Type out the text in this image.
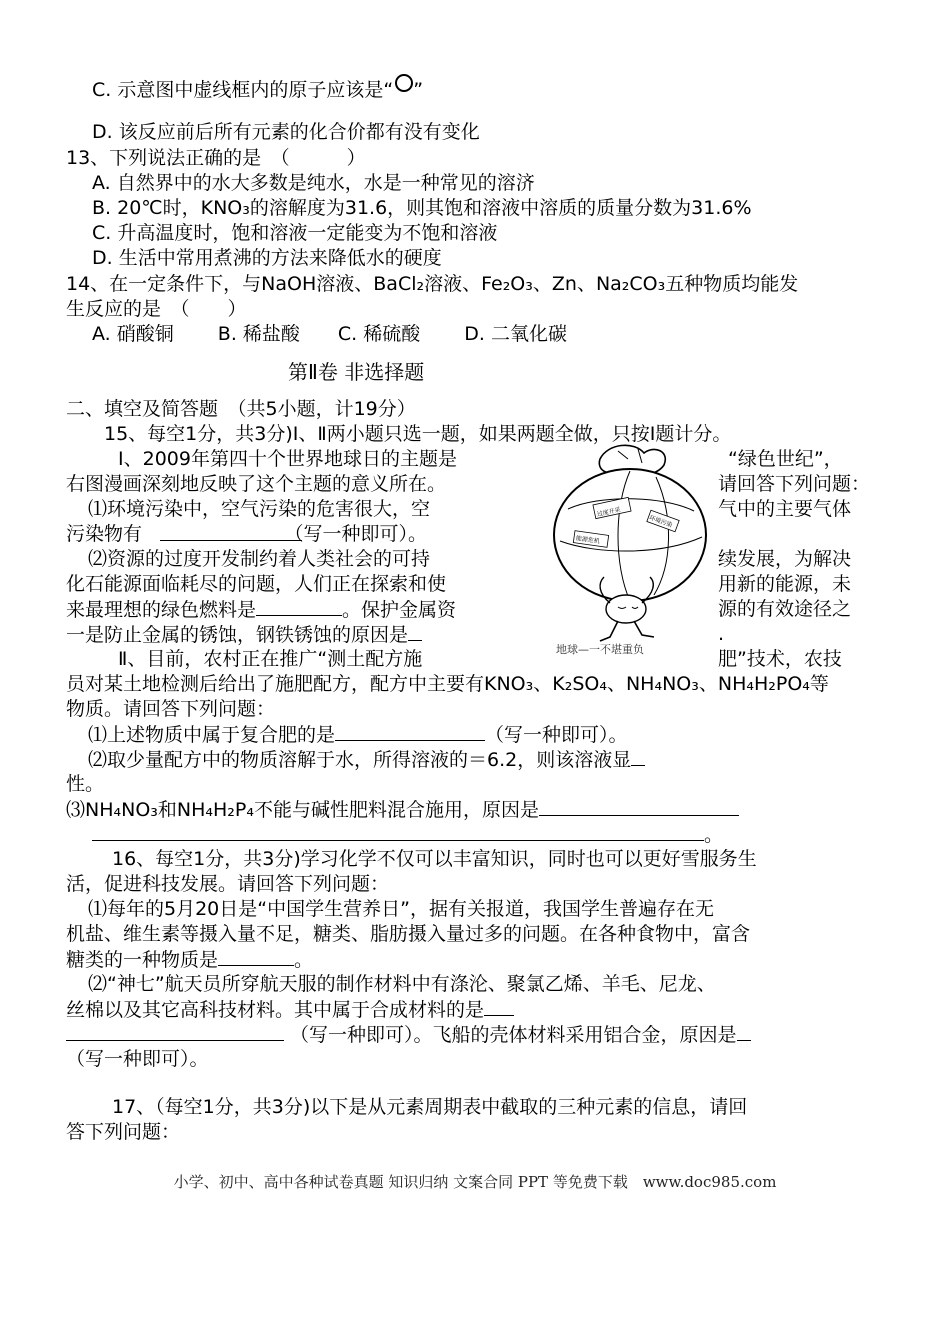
C. 示意图中虚线框内的原子应该是“ ”
D. 该反应前后所有元素的化合价都有没有变化
13、下列说法正确的是　（　　　）
A. 自然界中的水大多数是纯水，水是一种常见的溶济
B. 20℃时，KNO₃的溶解度为31.6，则其饱和溶液中溶质的质量分数为31.6%
C. 升高温度时，饱和溶液一定能变为不饱和溶液
D. 生活中常用煮沸的方法来降低水的硬度
14、在一定条件下，与NaOH溶液、BaCl₂溶液、Fe₂O₃、Zn、Na₂CO₃五种物质均能发
生反应的是　（　　）
A. 硝酸铜　　 B. 稀盐酸　　C. 稀硫酸　　 D. 二氧化碳
第Ⅱ卷 非选择题
二、填空及简答题　（共5小题，计19分）
15、每空1分，共3分)Ⅰ、Ⅱ两小题只选一题，如果两题全做，只按Ⅰ题计分。
Ⅰ、2009年第四十个世界地球日的主题是	“绿色世纪”，
右图漫画深刻地反映了这个主题的意义所在。	请回答下列问题：
⑴环境污染中，空气污染的危害很大，空	气中的主要气体
污染物有　　　　　　　　（写一种即可）。
⑵资源的过度开发制约着人类社会的可持	续发展，为解决
化石能源面临耗尽的问题，人们正在探索和使	用新的能源，未
来最理想的绿色燃料是	。保护金属资	源的有效途径之
一是防止金属的锈蚀，钢铁锈蚀的原因是	.
Ⅱ、目前，农村正在推广“测土配方施	肥”技术，农技
员对某土地检测后给出了施肥配方，配方中主要有KNO₃、K₂SO₄、NH₄NO₃、NH₄H₂PO₄等
物质。请回答下列问题：
⑴上述物质中属于复合肥的是	（写一种即可）。
⑵取少量配方中的物质溶解于水，所得溶液的＝6.2，则该溶液显
性。
⑶NH₄NO₃和NH₄H₂P₄不能与碱性肥料混合施用，原因是
。
16、每空1分，共3分)学习化学不仅可以丰富知识，同时也可以更好雪服务生
活，促进科技发展。请回答下列问题：
⑴每年的5月20日是“中国学生营养日”，据有关报道，我国学生普遍存在无
机盐、维生素等摄入量不足，糖类、脂肪摄入量过多的问题。在各种食物中，富含
糖类的一种物质是	。
⑵“神七”航天员所穿航天服的制作材料中有涤沦、聚氯乙烯、羊毛、尼龙、
丝棉以及其它高科技材料。其中属于合成材料的是
（写一种即可）。飞船的壳体材料采用铝合金，原因是
（写一种即可）。
17、（每空1分，共3分)以下是从元素周期表中截取的三种元素的信息，请回
答下列问题：
过度开采
环境污染
能源危机
地球—一不堪重负
小学、初中、高中各种试卷真题 知识归纳 文案合同 PPT 等免费下载　www.doc985.com
